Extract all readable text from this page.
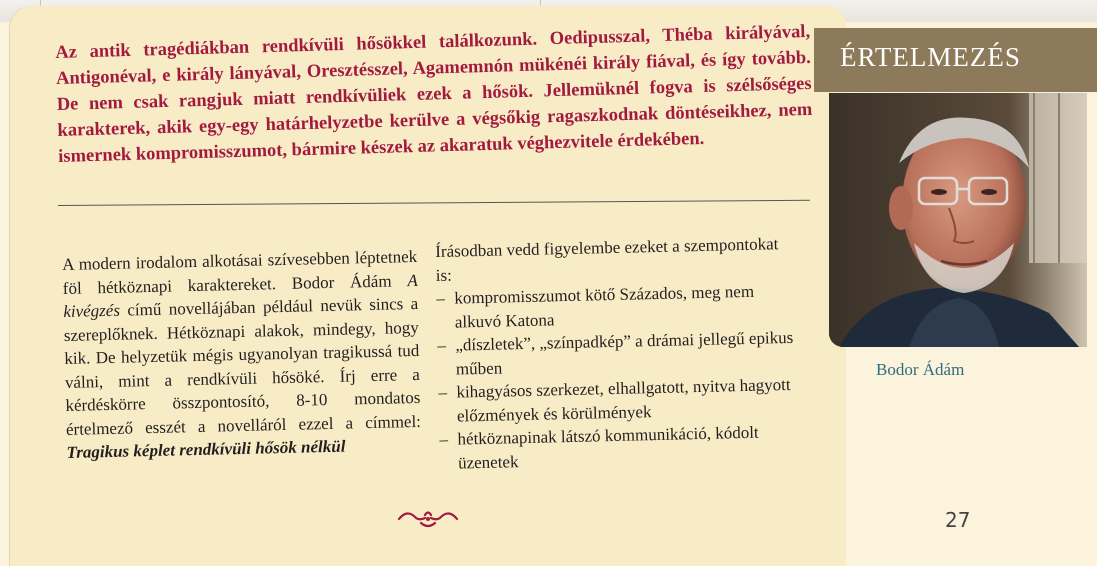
Az antik tragédiákban rendkívüli hősökkel találkozunk. Oedipusszal, Thébа királyával, Antigonéval, e király lányával, Oresztésszel, Agamemnón mükénéi király fiával, és így tovább. De nem csak rangjuk miatt rendkívüliek ezek a hősök. Jellemüknél fogva is szélsőséges karakterek, akik egy-egy határhelyzetbe kerülve a végsőkig ragaszkodnak döntéseikhez, nem ismernek kompromisszumot, bármire készek az akaratuk véghezvitele érdekében.

A modern irodalom alkotásai szívesebben léptetnek föl hétköznapi karaktereket. Bodor Ádám A kivégzés című novellájában például nevük sincs a szereplőknek. Hétköznapi alakok, mindegy, hogy kik. De helyzetük mégis ugyanolyan tragikussá tud válni, mint a rendkívüli hősöké. Írj erre a kérdéskörre összpontosító, 8-10 mondatos értelmező esszét a novelláról ezzel a címmel: Tragikus képlet rendkívüli hősök nélkül

Írásodban vedd figyelembe ezeket a szempontokat is:

– kompromisszumot kötő Százados, meg nem alkuvó Katona
– „díszletek”, „színpadkép” a drámai jellegű epikus műben
– kihagyásos szerkezet, elhallgatott, nyitva hagyott előzmények és körülmények
– hétköznapinak látszó kommunikáció, kódolt üzenetek
ÉRTELMEZÉS
Bodor Ádám
27
